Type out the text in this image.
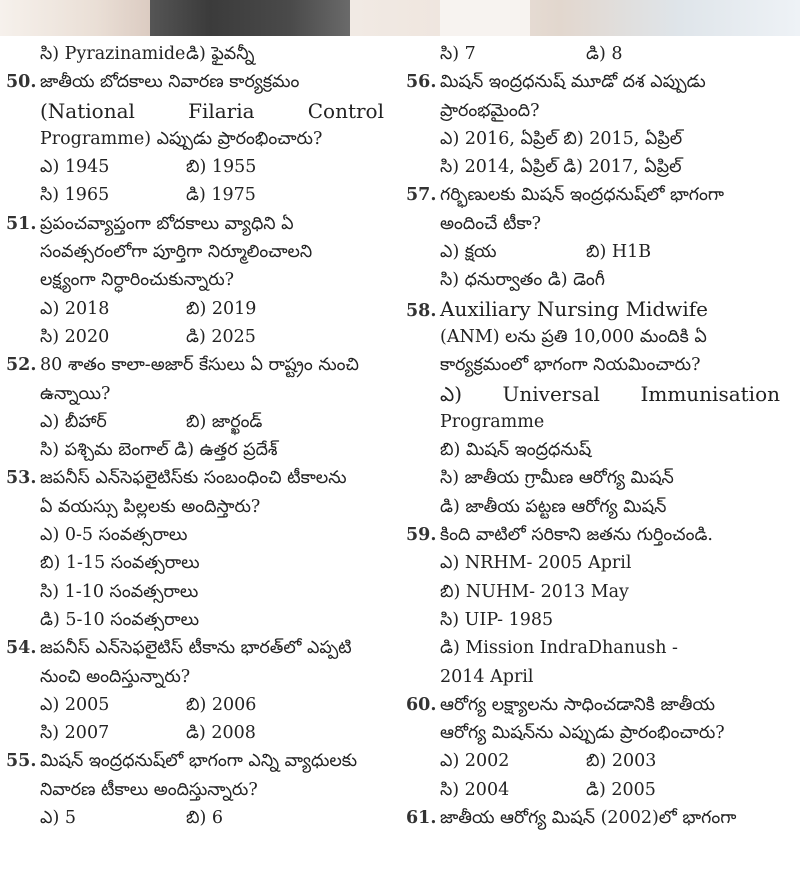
సి) Pyrazinamideడి) ఫైవన్నీ
50. జాతీయ బోదకాలు నివారణ కార్యక్రమం
(National	Filaria	Control
Programme) ఎప్పుడు ప్రారంభించారు?
ఎ) 1945	బి) 1955
సి) 1965	డి) 1975
51. ప్రపంచవ్యాప్తంగా బోదకాలు వ్యాధిని ఏ
సంవత్సరంలోగా పూర్తిగా నిర్మూలించాలని
లక్ష్యంగా నిర్ధారించుకున్నారు?
ఎ) 2018	బి) 2019
సి) 2020	డి) 2025
52. 80 శాతం కాలా-అజార్ కేసులు ఏ రాష్ట్రం నుంచి
ఉన్నాయి?
ఎ) బీహార్	బి) జార్ఖండ్
సి) పశ్చిమ బెంగాల్ డి) ఉత్తర ప్రదేశ్
53. జపనీస్ ఎన్‌సెఫలైటిస్‌కు సంబంధించి టీకాలను
ఏ వయస్సు పిల్లలకు అందిస్తారు?
ఎ) 0-5 సంవత్సరాలు
బి) 1-15 సంవత్సరాలు
సి) 1-10 సంవత్సరాలు
డి) 5-10 సంవత్సరాలు
54. జపనీస్ ఎన్‌సెఫలైటిస్ టీకాను భారత్‌లో ఎప్పటి
నుంచి అందిస్తున్నారు?
ఎ) 2005	బి) 2006
సి) 2007	డి) 2008
55. మిషన్ ఇంద్రధనుష్‌లో భాగంగా ఎన్ని వ్యాధులకు
నివారణ టీకాలు అందిస్తున్నారు?
ఎ) 5	బి) 6
సి) 7	డి) 8
56. మిషన్ ఇంద్రధనుష్ మూడో దశ ఎప్పుడు
ప్రారంభమైంది?
ఎ) 2016, ఏప్రిల్ బి) 2015, ఏప్రిల్
సి) 2014, ఏప్రిల్ డి) 2017, ఏప్రిల్
57. గర్భిణులకు మిషన్ ఇంద్రధనుష్‌లో భాగంగా
అందించే టీకా?
ఎ) క్షయ	బి) H1B
సి) ధనుర్వాతం డి) డెంగీ
58. Auxiliary Nursing Midwife
(ANM) లను ప్రతి 10,000 మందికి ఏ
కార్యక్రమంలో భాగంగా నియమించారు?
ఎ) Universal Immunisation
Programme
బి) మిషన్ ఇంద్రధనుష్
సి) జాతీయ గ్రామీణ ఆరోగ్య మిషన్
డి) జాతీయ పట్టణ ఆరోగ్య మిషన్
59. కింది వాటిలో సరికాని జతను గుర్తించండి.
ఎ) NRHM- 2005 April
బి) NUHM- 2013 May
సి) UIP- 1985
డి) Mission IndraDhanush -
2014 April
60. ఆరోగ్య లక్ష్యాలను సాధించడానికి జాతీయ
ఆరోగ్య మిషన్‌ను ఎప్పుడు ప్రారంభించారు?
ఎ) 2002	బి) 2003
సి) 2004	డి) 2005
61. జాతీయ ఆరోగ్య మిషన్ (2002)లో భాగంగా
